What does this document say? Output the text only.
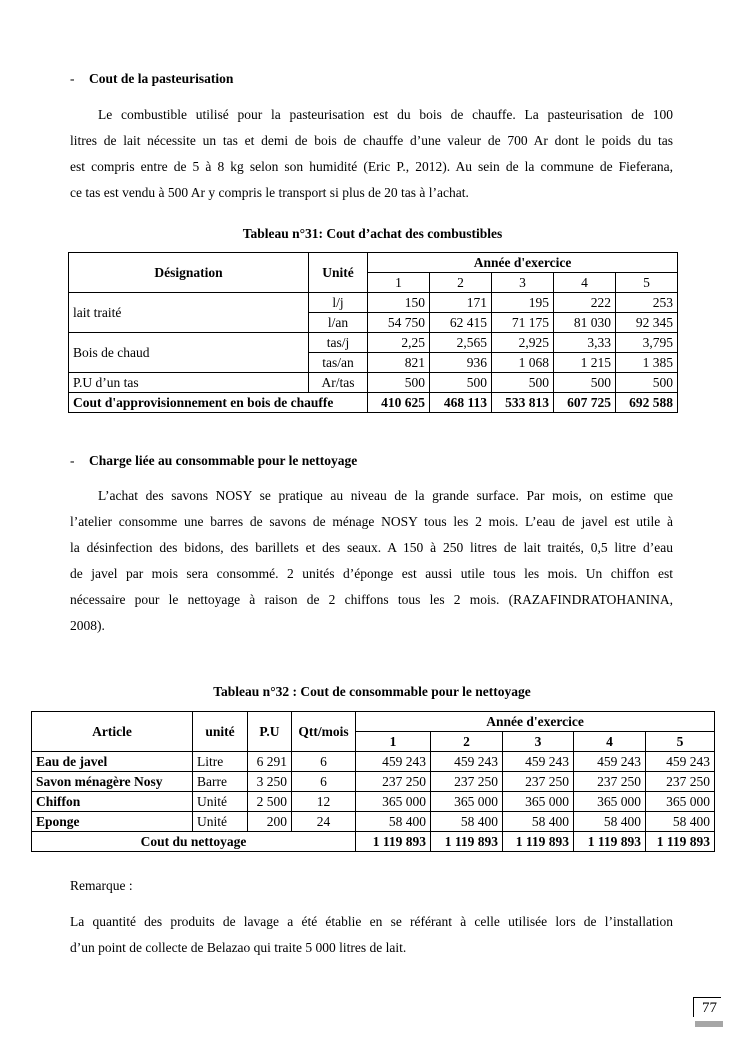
- Cout de la pasteurisation
Le combustible utilisé pour la pasteurisation est du bois de chauffe. La pasteurisation de 100
litres de lait nécessite un tas et demi de bois de chauffe d’une valeur de 700 Ar dont le poids du tas
est compris entre de 5 à 8 kg selon son humidité (Eric P., 2012). Au sein de la commune de Fieferana,
ce tas est vendu à 500 Ar y compris le transport si plus de 20 tas à l’achat.
Tableau n°31: Cout d’achat des combustibles
Désignation	Unité	Année d'exercice				
		1	2	3	4	5
lait traité	l/j	150	171	195	222	253
	l/an	54 750	62 415	71 175	81 030	92 345
Bois de chaud	tas/j	2,25	2,565	2,925	3,33	3,795
	tas/an	821	936	1 068	1 215	1 385
P.U d’un tas	Ar/tas	500	500	500	500	500
Cout d'approvisionnement en bois de chauffe		410 625	468 113	533 813	607 725	692 588
- Charge liée au consommable pour le nettoyage
L’achat des savons NOSY se pratique au niveau de la grande surface. Par mois, on estime que
l’atelier consomme une barres de savons de ménage NOSY tous les 2 mois. L’eau de javel est utile à
la désinfection des bidons, des barillets et des seaux. A 150 à 250 litres de lait traités, 0,5 litre d’eau
de javel par mois sera consommé. 2 unités d’éponge est aussi utile tous les mois. Un chiffon est
nécessaire pour le nettoyage à raison de 2 chiffons tous les 2 mois. (RAZAFINDRATOHANINA,
2008).
Tableau n°32 : Cout de consommable pour le nettoyage
Article	unité	P.U	Qtt/mois	Année d'exercice				
				1	2	3	4	5
Eau de javel	Litre	6 291	6	459 243	459 243	459 243	459 243	459 243
Savon ménagère Nosy	Barre	3 250	6	237 250	237 250	237 250	237 250	237 250
Chiffon	Unité	2 500	12	365 000	365 000	365 000	365 000	365 000
Eponge	Unité	200	24	58 400	58 400	58 400	58 400	58 400
Cout du nettoyage				1 119 893	1 119 893	1 119 893	1 119 893	1 119 893
Remarque :
La quantité des produits de lavage a été établie en se référant à celle utilisée lors de l’installation
d’un point de collecte de Belazao qui traite 5 000 litres de lait.
77
